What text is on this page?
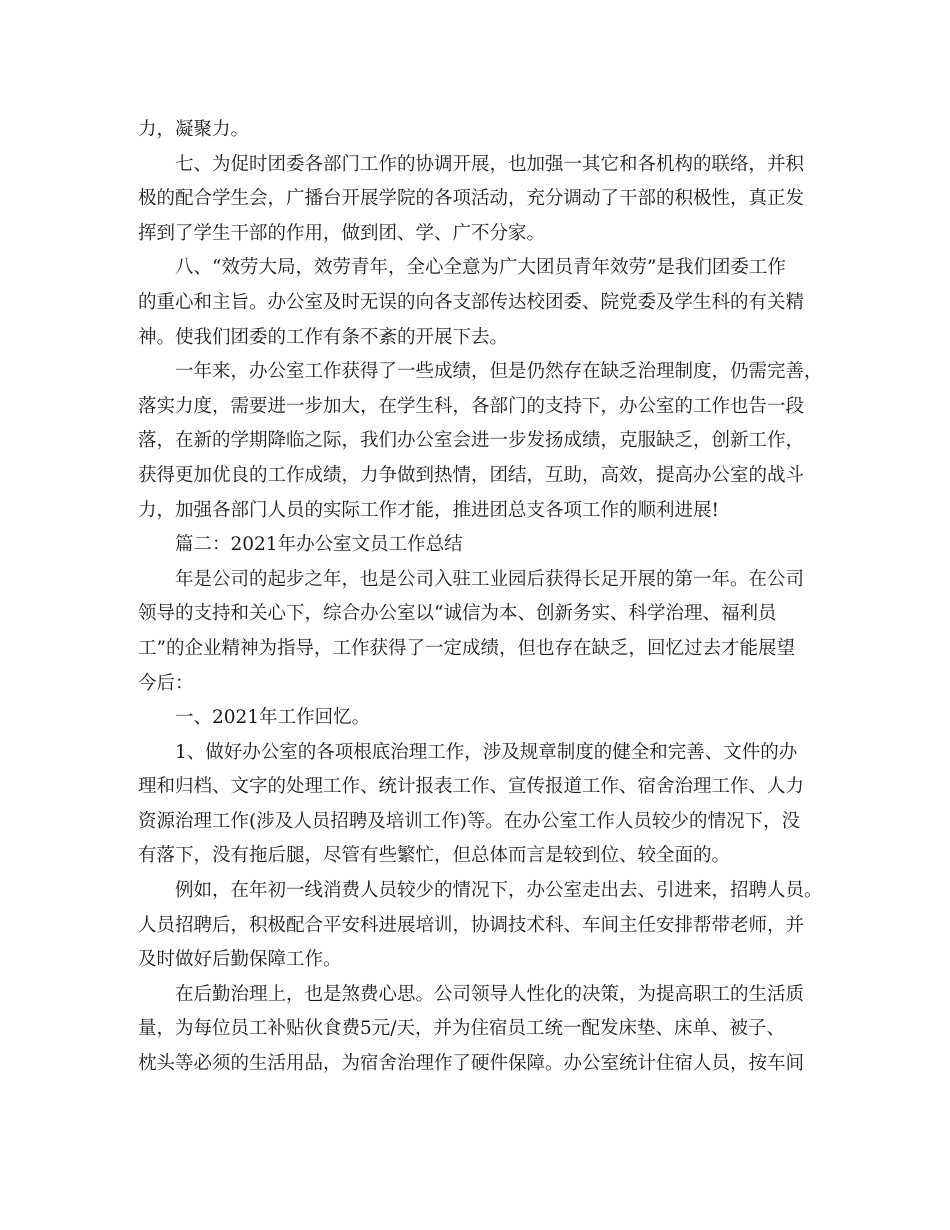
力，凝聚力。
七、为促时团委各部门工作的协调开展，也加强一其它和各机构的联络，并积
极的配合学生会，广播台开展学院的各项活动，充分调动了干部的积极性，真正发
挥到了学生干部的作用，做到团、学、广不分家。
八、“效劳大局，效劳青年，全心全意为广大团员青年效劳”是我们团委工作
的重心和主旨。办公室及时无误的向各支部传达校团委、院党委及学生科的有关精
神。使我们团委的工作有条不紊的开展下去。
一年来，办公室工作获得了一些成绩，但是仍然存在缺乏治理制度，仍需完善，
落实力度，需要进一步加大，在学生科，各部门的支持下，办公室的工作也告一段
落，在新的学期降临之际，我们办公室会进一步发扬成绩，克服缺乏，创新工作，
获得更加优良的工作成绩，力争做到热情，团结，互助，高效，提高办公室的战斗
力，加强各部门人员的实际工作才能，推进团总支各项工作的顺利进展!
篇二：2021年办公室文员工作总结
年是公司的起步之年，也是公司入驻工业园后获得长足开展的第一年。在公司
领导的支持和关心下，综合办公室以“诚信为本、创新务实、科学治理、福利员
工”的企业精神为指导，工作获得了一定成绩，但也存在缺乏，回忆过去才能展望
今后：
一、2021年工作回忆。
1、做好办公室的各项根底治理工作，涉及规章制度的健全和完善、文件的办
理和归档、文字的处理工作、统计报表工作、宣传报道工作、宿舍治理工作、人力
资源治理工作(涉及人员招聘及培训工作)等。在办公室工作人员较少的情况下，没
有落下，没有拖后腿，尽管有些繁忙，但总体而言是较到位、较全面的。
例如，在年初一线消费人员较少的情况下，办公室走出去、引进来，招聘人员。
人员招聘后，积极配合平安科进展培训，协调技术科、车间主任安排帮带老师，并
及时做好后勤保障工作。
在后勤治理上，也是煞费心思。公司领导人性化的决策，为提高职工的生活质
量，为每位员工补贴伙食费5元/天，并为住宿员工统一配发床垫、床单、被子、
枕头等必须的生活用品，为宿舍治理作了硬件保障。办公室统计住宿人员，按车间
